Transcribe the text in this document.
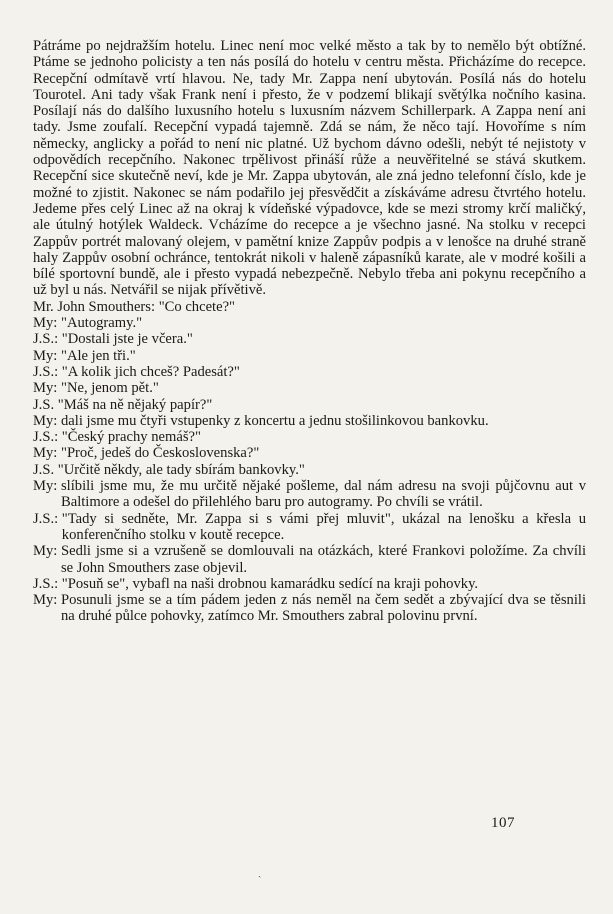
Pátráme po nejdražším hotelu. Linec není moc velké město a tak by to nemělo být obtížné. Ptáme se jednoho policisty a ten nás posílá do hotelu v centru města. Přicházíme do recepce. Recepční odmítavě vrtí hlavou. Ne, tady Mr. Zappa není ubytován. Posílá nás do hotelu Tourotel. Ani tady však Frank není i přesto, že v podzemí blikají světýlka nočního kasina. Posílají nás do dalšího luxusního hotelu s luxusním názvem Schillerpark. A Zappa není ani tady. Jsme zoufalí. Recepční vypadá tajemně. Zdá se nám, že něco tají. Hovoříme s ním německy, anglicky a pořád to není nic platné. Už bychom dávno odešli, nebýt té nejistoty v odpovědích recepčního. Nakonec trpělivost přináší růže a neuvěřitelné se stává skutkem. Recepční sice skutečně neví, kde je Mr. Zappa ubytován, ale zná jedno telefonní číslo, kde je možné to zjistit. Nakonec se nám podařilo jej přesvědčit a získáváme adresu čtvrtého hotelu. Jedeme přes celý Linec až na okraj k vídeňské výpadovce, kde se mezi stromy krčí maličký, ale útulný hotýlek Waldeck. Vcházíme do recepce a je všechno jasné. Na stolku v recepci Zappův portrét malovaný olejem, v pamětní knize Zappův podpis a v lenošce na druhé straně haly Zappův osobní ochránce, tentokrát nikoli v haleně zápasníků karate, ale v modré košili a bílé sportovní bundě, ale i přesto vypadá nebezpečně. Nebylo třeba ani pokynu recepčního a už byl u nás. Netvářil se nijak přívětivě.

Mr. John Smouthers: "Co chcete?"
My: "Autogramy."
J.S.: "Dostali jste je včera."
My: "Ale jen tři."
J.S.: "A kolik jich chceš? Padesát?"
My: "Ne, jenom pět."
J.S. "Máš na ně nějaký papír?"
My: dali jsme mu čtyři vstupenky z koncertu a jednu stošilinkovou bankovku.
J.S.: "Český prachy nemáš?"
My: "Proč, jedeš do Československa?"
J.S. "Určitě někdy, ale tady sbírám bankovky."
My: slíbili jsme mu, že mu určitě nějaké pošleme, dal nám adresu na svoji půjčovnu aut v Baltimore a odešel do přilehlého baru pro autogramy. Po chvíli se vrátil.
J.S.: "Tady si sedněte, Mr. Zappa si s vámi přej mluvit", ukázal na lenošku a křesla u konferenčního stolku v koutě recepce.
My: Sedli jsme si a vzrušeně se domlouvali na otázkách, které Frankovi položíme. Za chvíli se John Smouthers zase objevil.
J.S.: "Posuň se", vybafl na naši drobnou kamarádku sedící na kraji pohovky.
My: Posunuli jsme se a tím pádem jeden z nás neměl na čem sedět a zbývající dva se těsnili na druhé půlce pohovky, zatímco Mr. Smouthers zabral polovinu první.
107
ˏ
